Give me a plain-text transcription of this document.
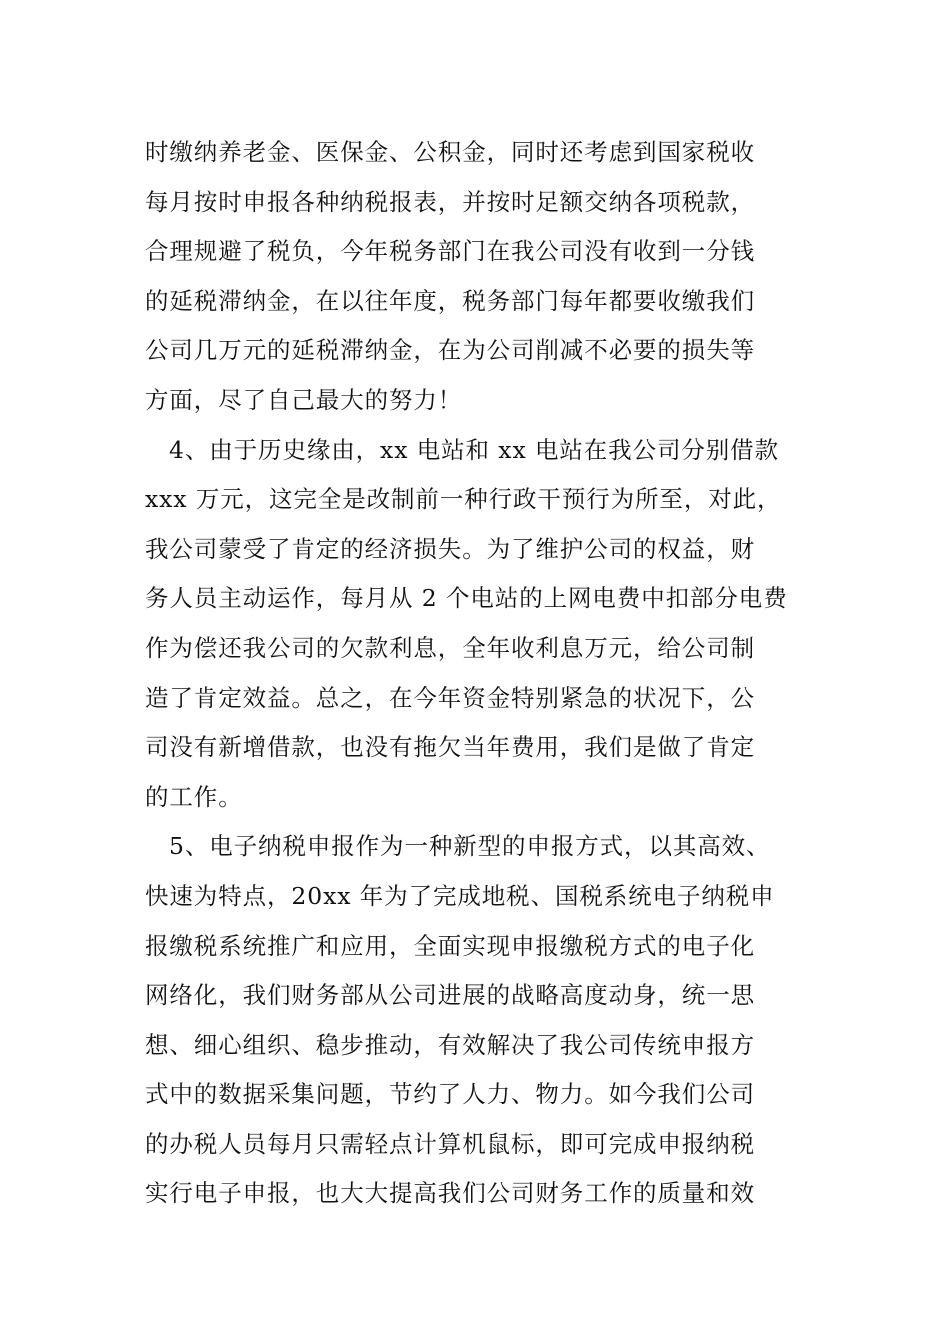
时缴纳养老金、医保金、公积金，同时还考虑到国家税收
每月按时申报各种纳税报表，并按时足额交纳各项税款，
合理规避了税负，今年税务部门在我公司没有收到一分钱
的延税滞纳金，在以往年度，税务部门每年都要收缴我们
公司几万元的延税滞纳金，在为公司削减不必要的损失等
方面，尽了自己最大的努力！
4、由于历史缘由，xx 电站和 xx 电站在我公司分别借款
xxx 万元，这完全是改制前一种行政干预行为所至，对此，
我公司蒙受了肯定的经济损失。为了维护公司的权益，财
务人员主动运作，每月从 2 个电站的上网电费中扣部分电费
作为偿还我公司的欠款利息，全年收利息万元，给公司制
造了肯定效益。总之，在今年资金特别紧急的状况下，公
司没有新增借款，也没有拖欠当年费用，我们是做了肯定
的工作。
5、电子纳税申报作为一种新型的申报方式，以其高效、
快速为特点，20xx 年为了完成地税、国税系统电子纳税申
报缴税系统推广和应用，全面实现申报缴税方式的电子化
网络化，我们财务部从公司进展的战略高度动身，统一思
想、细心组织、稳步推动，有效解决了我公司传统申报方
式中的数据采集问题，节约了人力、物力。如今我们公司
的办税人员每月只需轻点计算机鼠标，即可完成申报纳税
实行电子申报，也大大提高我们公司财务工作的质量和效
